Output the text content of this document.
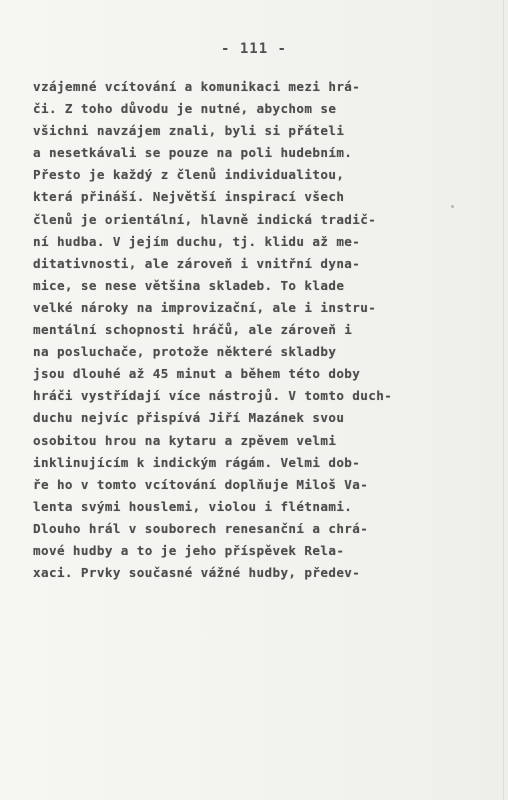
- 111 -
vzájemné vcítování a komunikaci mezi hrá-
či. Z toho důvodu je nutné, abychom se
všichni navzájem znali, byli si přáteli
a nesetkávali se pouze na poli hudebním.
Přesto je každý z členů individualitou,
která přináší. Největší inspirací všech
členů je orientální, hlavně indická tradič-
ní hudba. V jejím duchu, tj. klidu až me-
ditativnosti, ale zároveň i vnitřní dyna-
mice, se nese většina skladeb. To klade
velké nároky na improvizační, ale i instru-
mentální schopnosti hráčů, ale zároveň i
na posluchače, protože některé skladby
jsou dlouhé až 45 minut a během této doby
hráči vystřídají více nástrojů. V tomto duch-
duchu nejvíc přispívá Jiří Mazánek svou
osobitou hrou na kytaru a zpěvem velmi
inklinujícím k indickým rágám. Velmi dob-
ře ho v tomto vcítování doplňuje Miloš Va-
lenta svými houslemi, violou i flétnami.
Dlouho hrál v souborech renesanční a chrá-
mové hudby a to je jeho příspěvek Rela-
xaci. Prvky současné vážné hudby, předev-
